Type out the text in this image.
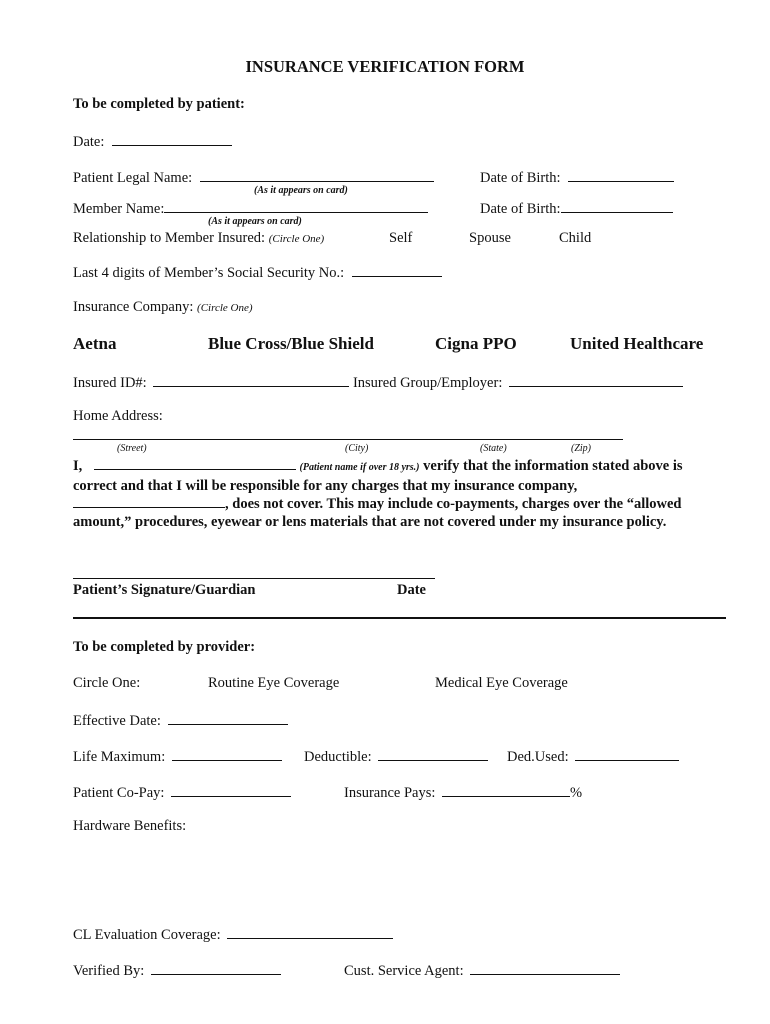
INSURANCE VERIFICATION FORM
To be completed by patient:
Date:
Patient Legal Name:
(As it appears on card)
Date of Birth:
Member Name:
(As it appears on card)
Date of Birth:
Relationship to Member Insured: (Circle One)	Self	Spouse	Child
Last 4 digits of Member’s Social Security No.:
Insurance Company: (Circle One)
Aetna	Blue Cross/Blue Shield	Cigna PPO	United Healthcare
Insured ID#:	Insured Group/Employer:
Home Address:
(Street)	(City)	(State)	(Zip)
I,	(Patient name if over 18 yrs.) verify that the information stated above is
correct and that I will be responsible for any charges that my insurance company,
, does not cover. This may include co-payments, charges over the “allowed
amount,” procedures, eyewear or lens materials that are not covered under my insurance policy.
Patient’s Signature/Guardian	Date
To be completed by provider:
Circle One:	Routine Eye Coverage	Medical Eye Coverage
Effective Date:
Life Maximum:	Deductible:	Ded.Used:
Patient Co-Pay:	Insurance Pays:	%
Hardware Benefits:
CL Evaluation Coverage:
Verified By:	Cust. Service Agent:
